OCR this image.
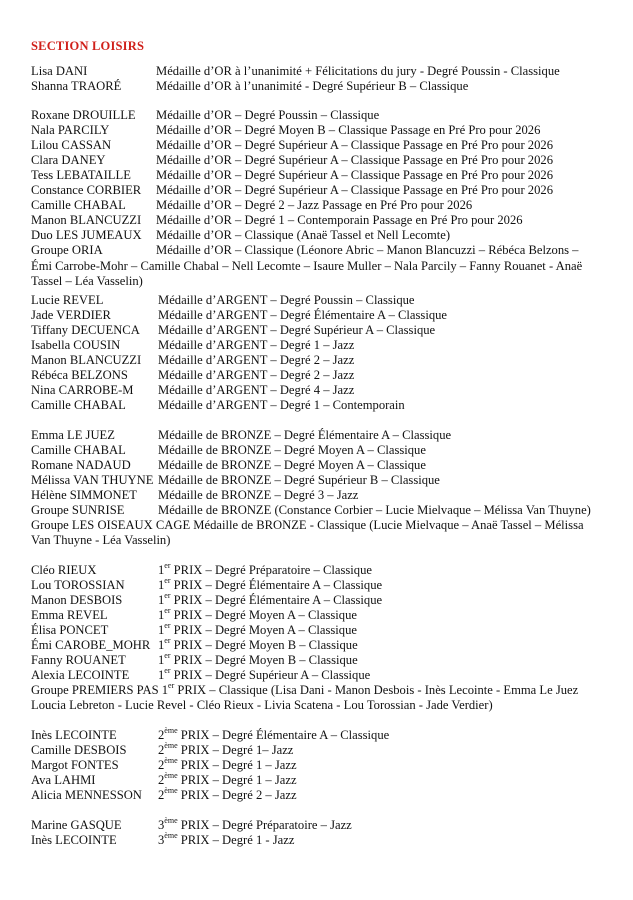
SECTION LOISIRS
Lisa DANI	Médaille d’OR à l’unanimité + Félicitations du jury - Degré Poussin - Classique
Shanna TRAORÉ	Médaille d’OR à l’unanimité - Degré Supérieur B – Classique
Roxane DROUILLE Médaille d’OR – Degré Poussin – Classique
Nala PARCILY	Médaille d’OR – Degré Moyen B – Classique Passage en Pré Pro pour 2026
Lilou CASSAN	Médaille d’OR – Degré Supérieur A – Classique Passage en Pré Pro pour 2026
Clara DANEY	Médaille d’OR – Degré Supérieur A – Classique Passage en Pré Pro pour 2026
Tess LEBATAILLE Médaille d’OR – Degré Supérieur A – Classique Passage en Pré Pro pour 2026
Constance CORBIER Médaille d’OR – Degré Supérieur A – Classique Passage en Pré Pro pour 2026
Camille CHABAL Médaille d’OR – Degré 2 – Jazz Passage en Pré Pro pour 2026
Manon BLANCUZZI Médaille d’OR – Degré 1 – Contemporain Passage en Pré Pro pour 2026
Duo LES JUMEAUX Médaille d’OR – Classique (Anaë Tassel et Nell Lecomte)
Groupe ORIA	Médaille d’OR – Classique (Léonore Abric – Manon Blancuzzi – Rébéca Belzons –
Émi Carrobe-Mohr – Camille Chabal – Nell Lecomte – Isaure Muller – Nala Parcily – Fanny Rouanet - Anaë
Tassel – Léa Vasselin)
Lucie REVEL	Médaille d’ARGENT – Degré Poussin – Classique
Jade VERDIER	Médaille d’ARGENT – Degré Élémentaire A – Classique
Tiffany DECUENCA Médaille d’ARGENT – Degré Supérieur A – Classique
Isabella COUSIN	Médaille d’ARGENT – Degré 1 – Jazz
Manon BLANCUZZI Médaille d’ARGENT – Degré 2 – Jazz
Rébéca BELZONS Médaille d’ARGENT – Degré 2 – Jazz
Nina CARROBE-M Médaille d’ARGENT – Degré 4 – Jazz
Camille CHABAL	Médaille d’ARGENT – Degré 1 – Contemporain
Emma LE JUEZ	Médaille de BRONZE – Degré Élémentaire A – Classique
Camille CHABAL	Médaille de BRONZE – Degré Moyen A – Classique
Romane NADAUD Médaille de BRONZE – Degré Moyen A – Classique
Mélissa VAN THUYNE Médaille de BRONZE – Degré Supérieur B – Classique
Hélène SIMMONET Médaille de BRONZE – Degré 3 – Jazz
Groupe SUNRISE	Médaille de BRONZE (Constance Corbier – Lucie Mielvaque – Mélissa Van Thuyne)
Groupe LES OISEAUX CAGE Médaille de BRONZE - Classique (Lucie Mielvaque – Anaë Tassel – Mélissa
Van Thuyne - Léa Vasselin)
Cléo RIEUX	1er PRIX – Degré Préparatoire – Classique
Lou TOROSSIAN	1er PRIX – Degré Élémentaire A – Classique
Manon DESBOIS	1er PRIX – Degré Élémentaire A – Classique
Emma REVEL	1er PRIX – Degré Moyen A – Classique
Élisa PONCET	1er PRIX – Degré Moyen A – Classique
Émi CAROBE_MOHR 1er PRIX – Degré Moyen B – Classique
Fanny ROUANET	1er PRIX – Degré Moyen B – Classique
Alexia LECOINTE 1er PRIX – Degré Supérieur A – Classique
Groupe PREMIERS PAS 1er PRIX – Classique (Lisa Dani - Manon Desbois - Inès Lecointe - Emma Le Juez
Loucia Lebreton - Lucie Revel - Cléo Rieux - Livia Scatena - Lou Torossian - Jade Verdier)
Inès LECOINTE	2ème PRIX – Degré Élémentaire A – Classique
Camille DESBOIS 2ème PRIX – Degré 1– Jazz
Margot FONTES	2ème PRIX – Degré 1 – Jazz
Ava LAHMI	2ème PRIX – Degré 1 – Jazz
Alicia MENNESSON 2ème PRIX – Degré 2 – Jazz
Marine GASQUE	3ème PRIX – Degré Préparatoire – Jazz
Inès LECOINTE	3ème PRIX – Degré 1 - Jazz
